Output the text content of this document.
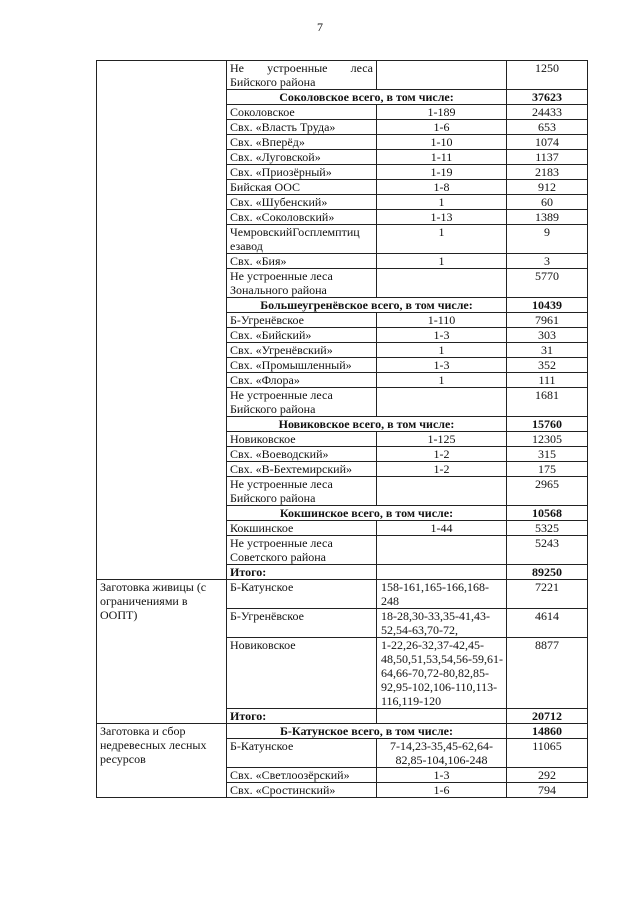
7
	Не устроенные леса Бийского района		1250
	Соколовское всего, в том числе:		37623
	Соколовское	1-189	24433
	Свх. «Власть Труда»	1-6	653
	Свх. «Вперёд»	1-10	1074
	Свх. «Луговской»	1-11	1137
	Свх. «Приозёрный»	1-19	2183
	Бийская ООС	1-8	912
	Свх. «Шубенский»	1	60
	Свх. «Соколовский»	1-13	1389
	ЧемровскийГосплемптиц езавод	1	9
	Свх. «Бия»	1	3
	Не устроенные леса Зонального района		5770
	Большеугренёвское всего, в том числе:		10439
	Б-Угренёвское	1-110	7961
	Свх. «Бийский»	1-3	303
	Свх. «Угренёвский»	1	31
	Свх. «Промышленный»	1-3	352
	Свх. «Флора»	1	111
	Не устроенные леса Бийского района		1681
	Новиковское всего, в том числе:		15760
	Новиковское	1-125	12305
	Свх. «Воеводский»	1-2	315
	Свх. «В-Бехтемирский»	1-2	175
	Не устроенные леса Бийского района		2965
	Кокшинское всего, в том числе:		10568
	Кокшинское	1-44	5325
	Не устроенные леса Советского района		5243
	Итого:		89250
Заготовка живицы (с ограничениями в ООПТ)	Б-Катунское	158-161,165-166,168-248	7221
	Б-Угренёвское	18-28,30-33,35-41,43-52,54-63,70-72,	4614
	Новиковское	1-22,26-32,37-42,45-48,50,51,53,54,56-59,61-64,66-70,72-80,82,85-92,95-102,106-110,113-116,119-120	8877
	Итого:		20712
Заготовка и сбор недревесных лесных ресурсов	Б-Катунское всего, в том числе:		14860
	Б-Катунское	7-14,23-35,45-62,64-82,85-104,106-248	11065
	Свх. «Светлоозёрский»	1-3	292
	Свх. «Сростинский»	1-6	794
